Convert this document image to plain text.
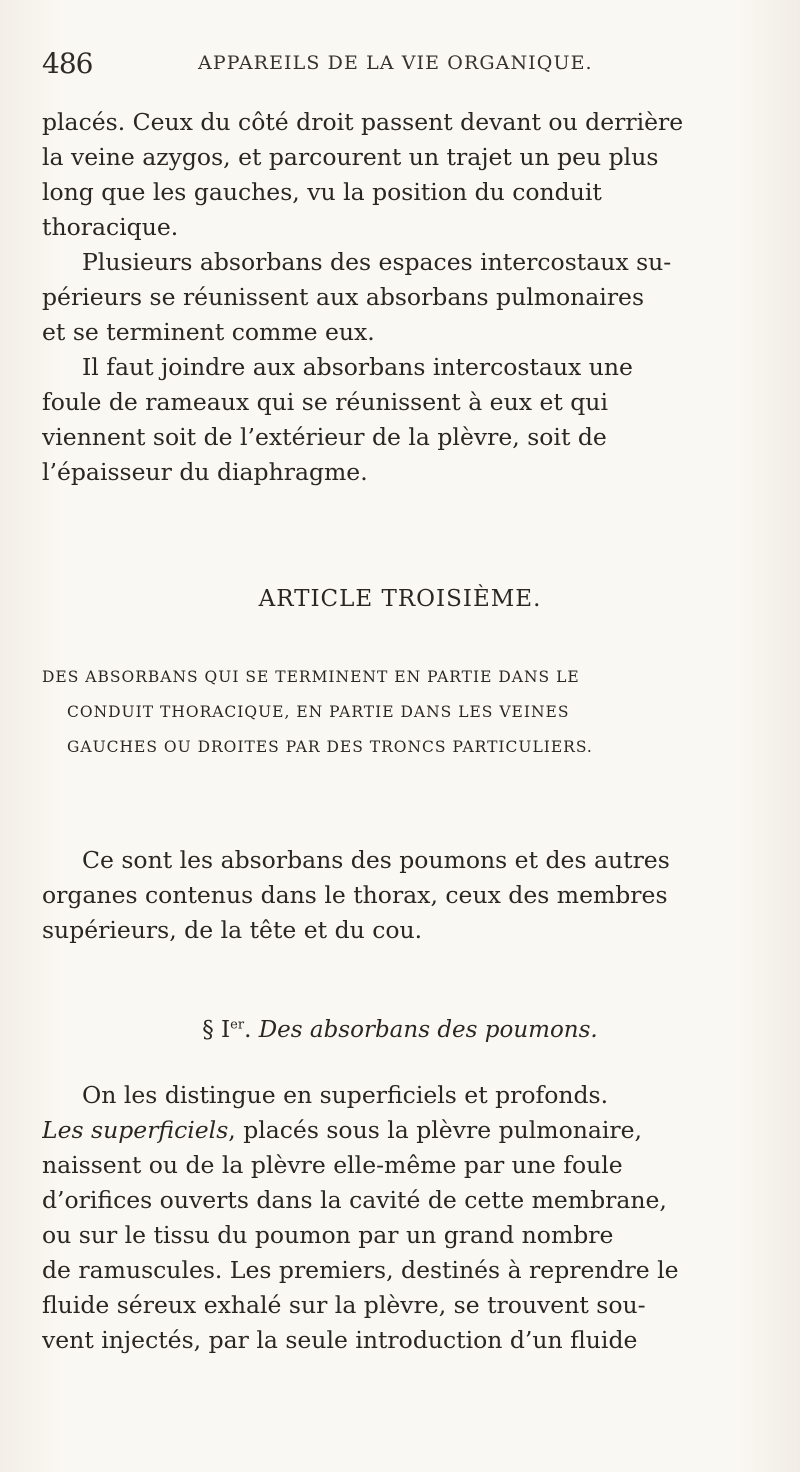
486	APPAREILS DE LA VIE ORGANIQUE.
placés. Ceux du côté droit passent devant ou derrière
la veine azygos, et parcourent un trajet un peu plus
long que les gauches, vu la position du conduit
thoracique.
Plusieurs absorbans des espaces intercostaux su-
périeurs se réunissent aux absorbans pulmonaires
et se terminent comme eux.
Il faut joindre aux absorbans intercostaux une
foule de rameaux qui se réunissent à eux et qui
viennent soit de l’extérieur de la plèvre, soit de
l’épaisseur du diaphragme.
ARTICLE TROISIÈME.
DES ABSORBANS QUI SE TERMINENT EN PARTIE DANS LE
CONDUIT THORACIQUE, EN PARTIE DANS LES VEINES
GAUCHES OU DROITES PAR DES TRONCS PARTICULIERS.
Ce sont les absorbans des poumons et des autres
organes contenus dans le thorax, ceux des membres
supérieurs, de la tête et du cou.
§ Ier. Des absorbans des poumons.
On les distingue en superficiels et profonds.
Les superficiels, placés sous la plèvre pulmonaire,
naissent ou de la plèvre elle-même par une foule
d’orifices ouverts dans la cavité de cette membrane,
ou sur le tissu du poumon par un grand nombre
de ramuscules. Les premiers, destinés à reprendre le
fluide séreux exhalé sur la plèvre, se trouvent sou-
vent injectés, par la seule introduction d’un fluide
